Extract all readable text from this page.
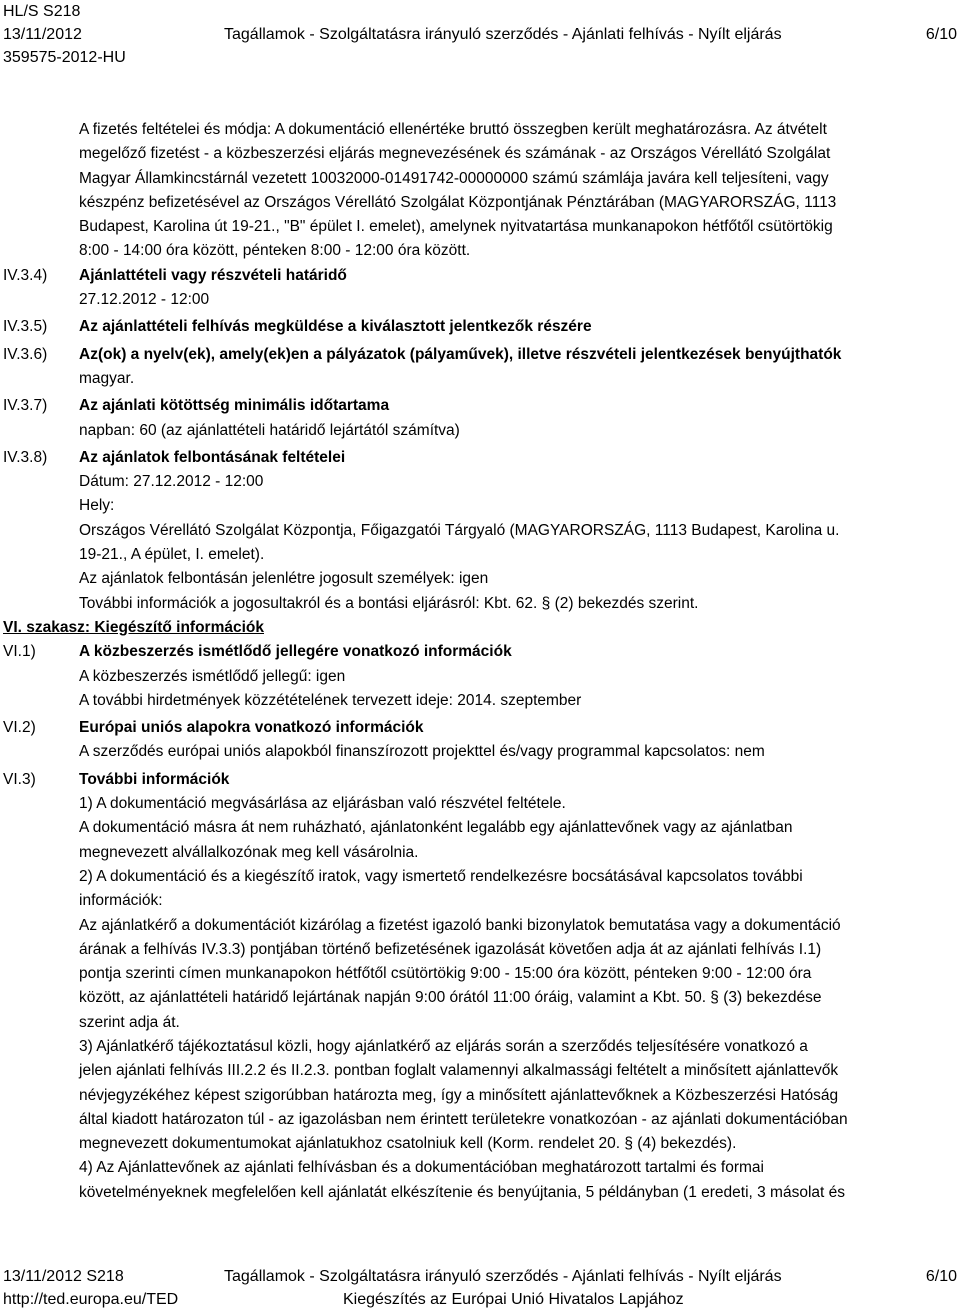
HL/S S218
13/11/2012	Tagállamok - Szolgáltatásra irányuló szerződés - Ajánlati felhívás - Nyílt eljárás	6/10
359575-2012-HU
A fizetés feltételei és módja: A dokumentáció ellenértéke bruttó összegben került meghatározásra. Az átvételt
megelőző fizetést - a közbeszerzési eljárás megnevezésének és számának - az Országos Vérellátó Szolgálat
Magyar Államkincstárnál vezetett 10032000-01491742-00000000 számú számlája javára kell teljesíteni, vagy
készpénz befizetésével az Országos Vérellátó Szolgálat Központjának Pénztárában (MAGYARORSZÁG, 1113
Budapest, Karolina út 19-21., "B" épület I. emelet), amelynek nyitvatartása munkanapokon hétfőtől csütörtökig
8:00 - 14:00 óra között, pénteken 8:00 - 12:00 óra között.
IV.3.4) Ajánlattételi vagy részvételi határidő
27.12.2012 - 12:00
IV.3.5) Az ajánlattételi felhívás megküldése a kiválasztott jelentkezők részére
IV.3.6) Az(ok) a nyelv(ek), amely(ek)en a pályázatok (pályaművek), illetve részvételi jelentkezések benyújthatók
magyar.
IV.3.7) Az ajánlati kötöttség minimális időtartama
napban: 60 (az ajánlattételi határidő lejártától számítva)
IV.3.8) Az ajánlatok felbontásának feltételei
Dátum: 27.12.2012 - 12:00
Hely:
Országos Vérellátó Szolgálat Központja, Főigazgatói Tárgyaló (MAGYARORSZÁG, 1113 Budapest, Karolina u.
19-21., A épület, I. emelet).
Az ajánlatok felbontásán jelenlétre jogosult személyek: igen
További információk a jogosultakról és a bontási eljárásról: Kbt. 62. § (2) bekezdés szerint.
VI. szakasz: Kiegészítő információk
VI.1)	A közbeszerzés ismétlődő jellegére vonatkozó információk
A közbeszerzés ismétlődő jellegű: igen
A további hirdetmények közzétételének tervezett ideje: 2014. szeptember
VI.2)	Európai uniós alapokra vonatkozó információk
A szerződés európai uniós alapokból finanszírozott projekttel és/vagy programmal kapcsolatos: nem
VI.3)	További információk
1) A dokumentáció megvásárlása az eljárásban való részvétel feltétele.
A dokumentáció másra át nem ruházható, ajánlatonként legalább egy ajánlattevőnek vagy az ajánlatban
megnevezett alvállalkozónak meg kell vásárolnia.
2) A dokumentáció és a kiegészítő iratok, vagy ismertető rendelkezésre bocsátásával kapcsolatos további
információk:
Az ajánlatkérő a dokumentációt kizárólag a fizetést igazoló banki bizonylatok bemutatása vagy a dokumentáció
árának a felhívás IV.3.3) pontjában történő befizetésének igazolását követően adja át az ajánlati felhívás I.1)
pontja szerinti címen munkanapokon hétfőtől csütörtökig 9:00 - 15:00 óra között, pénteken 9:00 - 12:00 óra
között, az ajánlattételi határidő lejártának napján 9:00 órától 11:00 óráig, valamint a Kbt. 50. § (3) bekezdése
szerint adja át.
3) Ajánlatkérő tájékoztatásul közli, hogy ajánlatkérő az eljárás során a szerződés teljesítésére vonatkozó a
jelen ajánlati felhívás III.2.2 és II.2.3. pontban foglalt valamennyi alkalmassági feltételt a minősített ajánlattevők
névjegyzékéhez képest szigorúbban határozta meg, így a minősített ajánlattevőknek a Közbeszerzési Hatóság
által kiadott határozaton túl - az igazolásban nem érintett területekre vonatkozóan - az ajánlati dokumentációban
megnevezett dokumentumokat ajánlatukhoz csatolniuk kell (Korm. rendelet 20. § (4) bekezdés).
4) Az Ajánlattevőnek az ajánlati felhívásban és a dokumentációban meghatározott tartalmi és formai
követelményeknek megfelelően kell ajánlatát elkészítenie és benyújtania, 5 példányban (1 eredeti, 3 másolat és
13/11/2012 S218	Tagállamok - Szolgáltatásra irányuló szerződés - Ajánlati felhívás - Nyílt eljárás	6/10
http://ted.europa.eu/TED	Kiegészítés az Európai Unió Hivatalos Lapjához
